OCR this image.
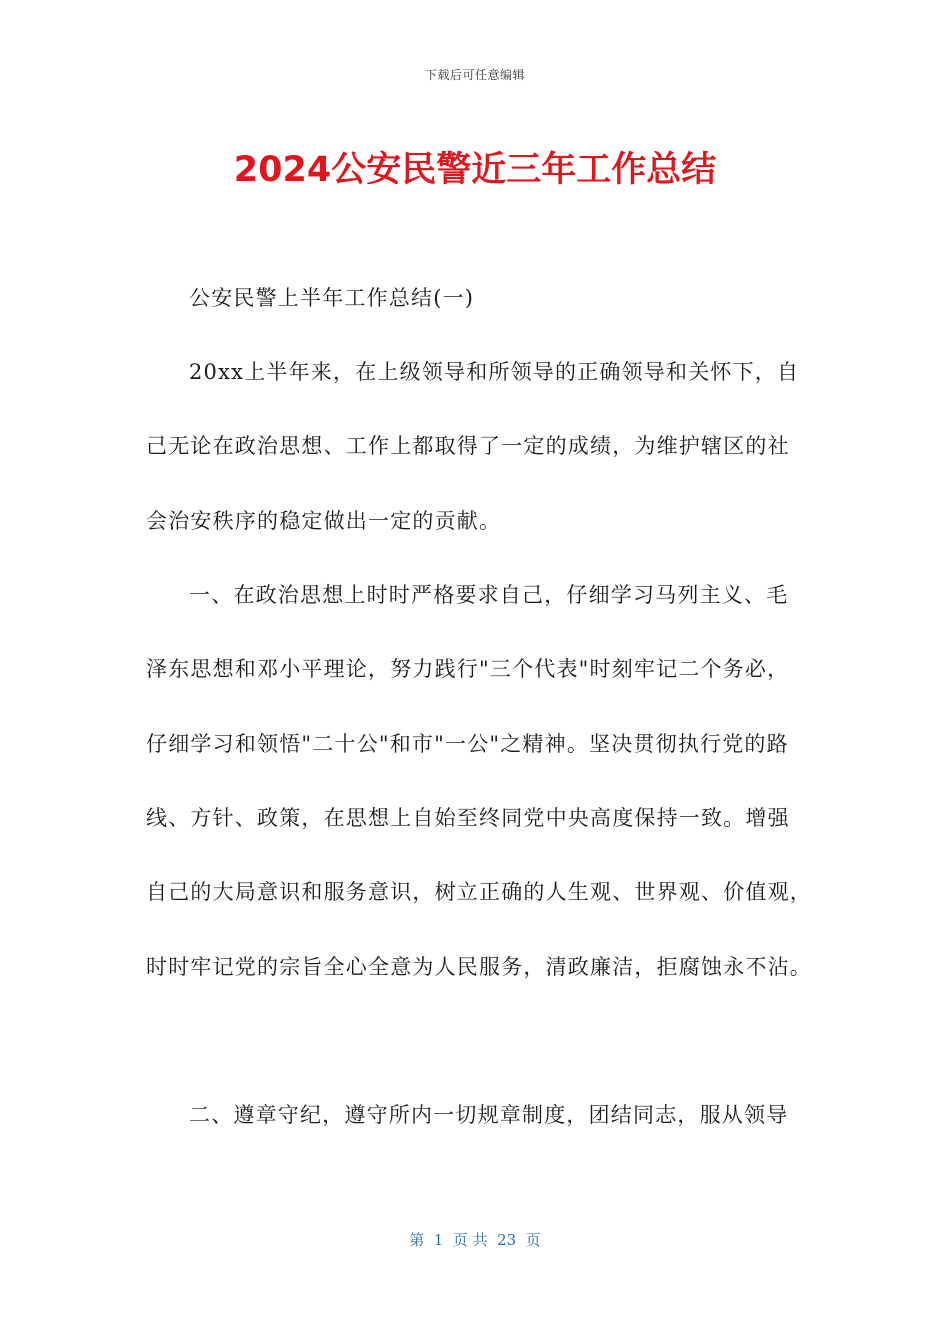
下载后可任意编辑
2024公安民警近三年工作总结
公安民警上半年工作总结(一)
20xx上半年来，在上级领导和所领导的正确领导和关怀下，自
己无论在政治思想、工作上都取得了一定的成绩，为维护辖区的社
会治安秩序的稳定做出一定的贡献。
一、在政治思想上时时严格要求自己，仔细学习马列主义、毛
泽东思想和邓小平理论，努力践行"三个代表"时刻牢记二个务必，
仔细学习和领悟"二十公"和市"一公"之精神。坚决贯彻执行党的路
线、方针、政策，在思想上自始至终同党中央高度保持一致。增强
自己的大局意识和服务意识，树立正确的人生观、世界观、价值观，
时时牢记党的宗旨全心全意为人民服务，清政廉洁，拒腐蚀永不沾。
二、遵章守纪，遵守所内一切规章制度，团结同志，服从领导
第  1  页 共  23  页
